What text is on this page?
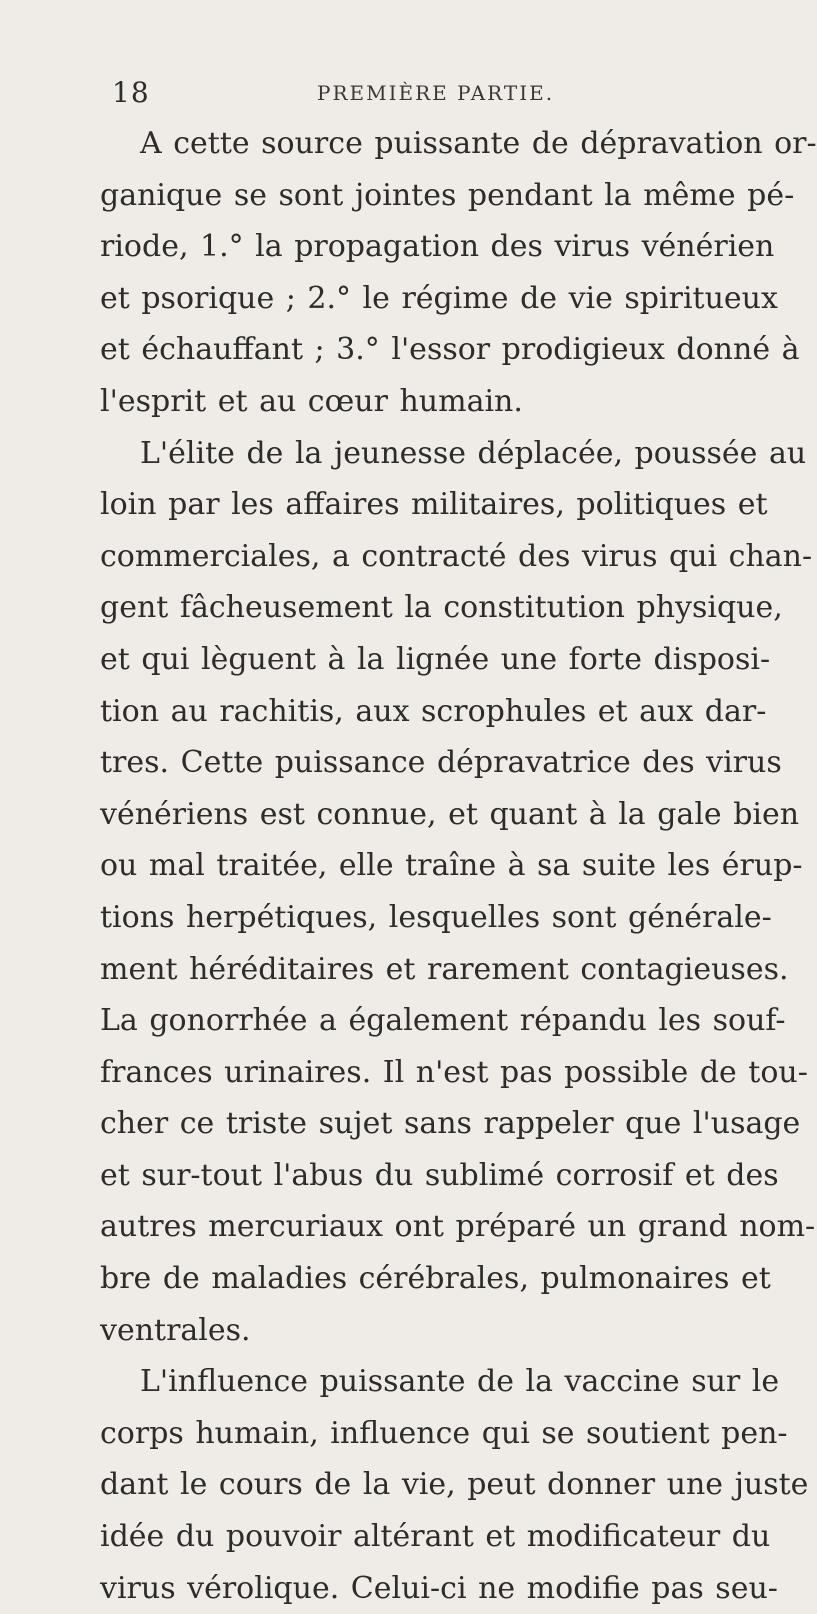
18	PREMIÈRE PARTIE.
A cette source puissante de dépravation or-
ganique se sont jointes pendant la même pé-
riode, 1.° la propagation des virus vénérien
et psorique ; 2.° le régime de vie spiritueux
et échauffant ; 3.° l'essor prodigieux donné à
l'esprit et au cœur humain.
L'élite de la jeunesse déplacée, poussée au
loin par les affaires militaires, politiques et
commerciales, a contracté des virus qui chan-
gent fâcheusement la constitution physique,
et qui lèguent à la lignée une forte disposi-
tion au rachitis, aux scrophules et aux dar-
tres. Cette puissance dépravatrice des virus
vénériens est connue, et quant à la gale bien
ou mal traitée, elle traîne à sa suite les érup-
tions herpétiques, lesquelles sont générale-
ment héréditaires et rarement contagieuses.
La gonorrhée a également répandu les souf-
frances urinaires. Il n'est pas possible de tou-
cher ce triste sujet sans rappeler que l'usage
et sur-tout l'abus du sublimé corrosif et des
autres mercuriaux ont préparé un grand nom-
bre de maladies cérébrales, pulmonaires et
ventrales.
L'influence puissante de la vaccine sur le
corps humain, influence qui se soutient pen-
dant le cours de la vie, peut donner une juste
idée du pouvoir altérant et modificateur du
virus vérolique. Celui-ci ne modifie pas seu-
